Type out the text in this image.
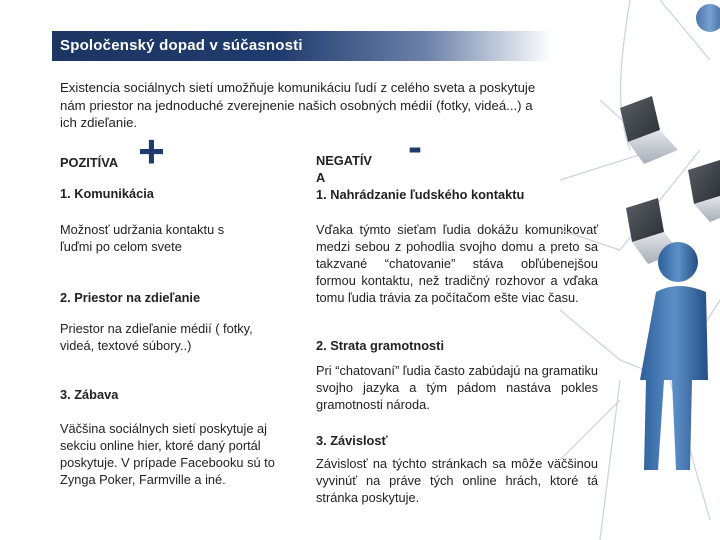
Spoločenský dopad v súčasnosti
Existencia sociálnych sietí umožňuje komunikáciu ľudí z celého sveta a poskytuje nám priestor na jednoduché zverejnenie našich osobných médií (fotky, videá...) a ich zdieľanie.
POZITÍVA +
1. Komunikácia
Možnosť udržania kontaktu s ľuďmi po celom svete
2. Priestor na zdieľanie
Priestor na zdieľanie médií ( fotky, videá, textové súbory..)
3. Zábava
Väčšina sociálnych sietí poskytuje aj sekciu online hier, ktoré daný portál poskytuje. V prípade Facebooku sú to Zynga Poker, Farmville a iné.
NEGATÍV
A
-
1. Nahrádzanie ľudského kontaktu
Vďaka týmto sieťam ľudia dokážu komunikovať medzi sebou z pohodlia svojho domu a preto sa takzvané “chatovanie” stáva obľúbenejšou formou kontaktu, než tradičný rozhovor a vďaka tomu ľudia trávia za počítačom ešte viac času.
2. Strata gramotnosti
Pri “chatovaní” ľudia často zabúdajú na gramatiku svojho jazyka a tým pádom nastáva pokles gramotnosti národa.
3. Závislosť
Závislosť na týchto stránkach sa môže väčšinou vyvinúť na práve tých online hrách, ktoré tá stránka poskytuje.
